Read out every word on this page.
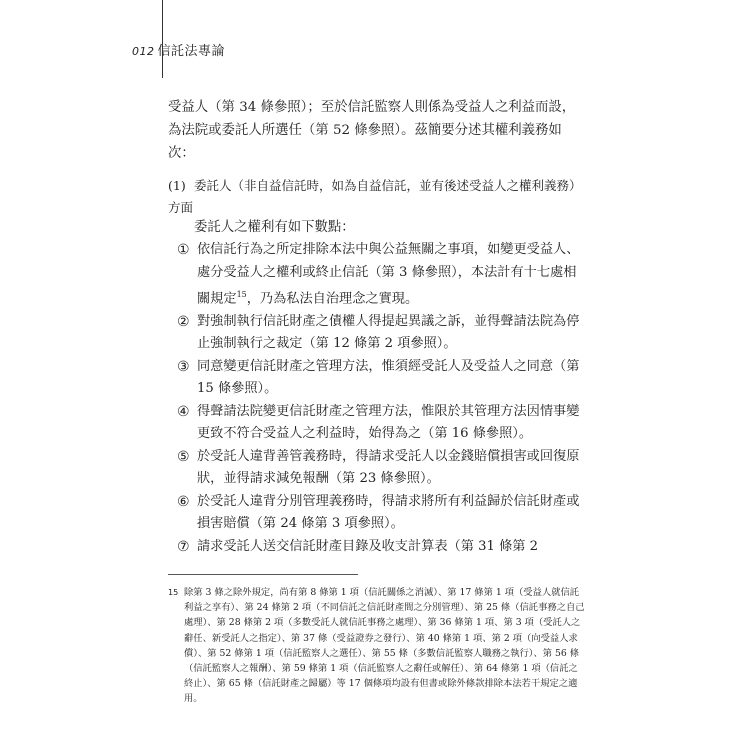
012 信託法專論
受益人（第 34 條參照）；至於信託監察人則係為受益人之利益而設，為法院或委託人所選任（第 52 條參照）。茲簡要分述其權利義務如次：
(1) 委託人（非自益信託時，如為自益信託，並有後述受益人之權利義務）方面
委託人之權利有如下數點：
① 依信託行為之所定排除本法中與公益無關之事項，如變更受益人、處分受益人之權利或終止信託（第 3 條參照），本法計有十七處相關規定$^{15}$，乃為私法自治理念之實現。
② 對強制執行信託財產之債權人得提起異議之訴，並得聲請法院為停止強制執行之裁定（第 12 條第 2 項參照）。
③ 同意變更信託財產之管理方法，惟須經受託人及受益人之同意（第 15 條參照）。
④ 得聲請法院變更信託財產之管理方法，惟限於其管理方法因情事變更致不符合受益人之利益時，始得為之（第 16 條參照）。
⑤ 於受託人違背善管義務時，得請求受託人以金錢賠償損害或回復原狀，並得請求減免報酬（第 23 條參照）。
⑥ 於受託人違背分別管理義務時，得請求將所有利益歸於信託財產或損害賠償（第 24 條第 3 項參照）。
⑦ 請求受託人送交信託財產目錄及收支計算表（第 31 條第 2
15 除第 3 條之除外規定，尚有第 8 條第 1 項（信託關係之消滅）、第 17 條第 1 項（受益人就信託利益之享有）、第 24 條第 2 項（不同信託之信託財產間之分別管理）、第 25 條（信託事務之自己處理）、第 28 條第 2 項（多數受託人就信託事務之處理）、第 36 條第 1 項、第 3 項（受託人之辭任、新受託人之指定）、第 37 條（受益證券之發行）、第 40 條第 1 項、第 2 項（向受益人求償）、第 52 條第 1 項（信託監察人之選任）、第 55 條（多數信託監察人職務之執行）、第 56 條（信託監察人之報酬）、第 59 條第 1 項（信託監察人之辭任或解任）、第 64 條第 1 項（信託之終止）、第 65 條（信託財產之歸屬）等 17 個條項均設有但書或除外條款排除本法若干規定之適用。
